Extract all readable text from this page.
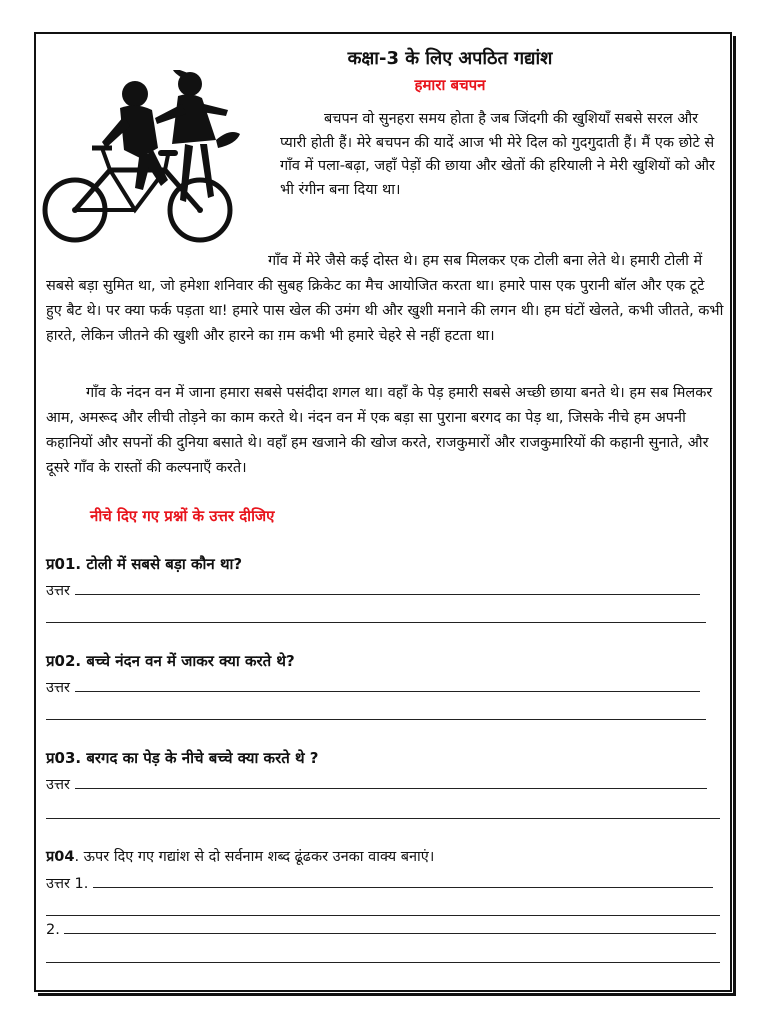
कक्षा-3 के लिए अपठित गद्यांश
हमारा बचपन

बचपन वो सुनहरा समय होता है जब जिंदगी की खुशियाँ सबसे सरल और प्यारी होती हैं। मेरे बचपन की यादें आज भी मेरे दिल को गुदगुदाती हैं। मैं एक छोटे से गाँव में पला-बढ़ा, जहाँ पेड़ों की छाया और खेतों की हरियाली ने मेरी खुशियों को और भी रंगीन बना दिया था।

गाँव में मेरे जैसे कई दोस्त थे। हम सब मिलकर एक टोली बना लेते थे। हमारी टोली में सबसे बड़ा सुमित था, जो हमेशा शनिवार की सुबह क्रिकेट का मैच आयोजित करता था। हमारे पास एक पुरानी बॉल और एक टूटे हुए बैट थे। पर क्या फर्क पड़ता था! हमारे पास खेल की उमंग थी और खुशी मनाने की लगन थी। हम घंटों खेलते, कभी जीतते, कभी हारते, लेकिन जीतने की खुशी और हारने का ग़म कभी भी हमारे चेहरे से नहीं हटता था।

गाँव के नंदन वन में जाना हमारा सबसे पसंदीदा शगल था। वहाँ के पेड़ हमारी सबसे अच्छी छाया बनते थे। हम सब मिलकर आम, अमरूद और लीची तोड़ने का काम करते थे। नंदन वन में एक बड़ा सा पुराना बरगद का पेड़ था, जिसके नीचे हम अपनी कहानियों और सपनों की दुनिया बसाते थे। वहाँ हम खजाने की खोज करते, राजकुमारों और राजकुमारियों की कहानी सुनाते, और दूसरे गाँव के रास्तों की कल्पनाएँ करते।

नीचे दिए गए प्रश्नों के उत्तर दीजिए
प्र01. टोली में सबसे बड़ा कौन था?
उत्तर
प्र02. बच्चे नंदन वन में जाकर क्या करते थे?
उत्तर
प्र03. बरगद का पेड़ के नीचे बच्चे क्या करते थे ?
उत्तर
प्र04. ऊपर दिए गए गद्यांश से दो सर्वनाम शब्द ढूंढकर उनका वाक्य बनाएं।
उत्तर 1.
2.
